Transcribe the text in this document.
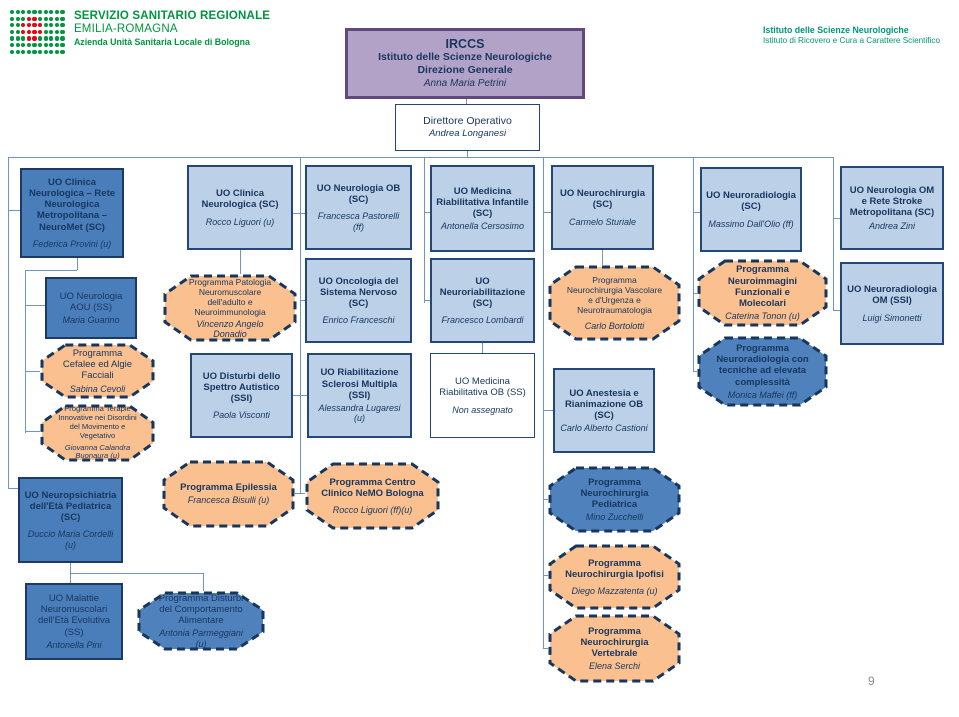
SERVIZIO SANITARIO REGIONALE
EMILIA-ROMAGNA
Azienda Unità Sanitaria Locale di Bologna
Istituto delle Scienze Neurologiche
Istituto di Ricovero e Cura a Carattere Scientifico
IRCCS
Istituto delle Scienze Neurologiche
Direzione Generale
Anna Maria Petrini
Direttore Operativo
Andrea Longanesi
UO Clinica Neurologica – Rete Neurologica Metropolitana – NeuroMet (SC)
Federica Provini (u)
UO Neurologia AOU (SS)
Maria Guarino
Programma Cefalee ed Algie Facciali
Sabina Cevoli
Programma Terapie Innovative nei Disordini del Movimento e Vegetativo
Giovanna Calandra Buonaura (u)
UO Neuropsichiatria dell'Età Pediatrica (SC)
Duccio Maria Cordelli (u)
UO Malattie Neuromuscolari dell'Età Evolutiva (SS)
Antonella Pini
Programma Disturbi del Comportamento Alimentare
Antonia Parmeggiani (u)
UO Clinica Neurologica (SC)
Rocco Liguori (u)
Programma Patologia Neuromuscolare dell'adulto e Neuroimmunologia
Vincenzo Angelo Donadio
UO Disturbi dello Spettro Autistico (SSI)
Paola Visconti
Programma Epilessia
Francesca Bisulli (u)
UO Neurologia OB (SC)
Francesca Pastorelli (ff)
UO Oncologia del Sistema Nervoso (SC)
Enrico Franceschi
UO Riabilitazione Sclerosi Multipla (SSI)
Alessandra Lugaresi (u)
Programma Centro Clinico NeMO Bologna
Rocco Liguori (ff)(u)
UO Medicina Riabilitativa Infantile (SC)
Antonella Cersosimo
UO Neuroriabilitazione (SC)
Francesco Lombardi
UO Medicina Riabilitativa OB (SS)
Non assegnato
UO Neurochirurgia (SC)
Carmelo Sturiale
Programma Neurochirurgia Vascolare e d'Urgenza e Neurotraumatologia
Carlo Bortolotti
UO Anestesia e Rianimazione OB (SC)
Carlo Alberto Castioni
Programma Neurochirurgia Pediatrica
Mino Zucchelli
Programma Neurochirurgia Ipofisi
Diego Mazzatenta (u)
Programma Neurochirurgia Vertebrale
Elena Serchi
UO Neuroradiologia (SC)
Massimo Dall'Olio (ff)
Programma Neuroimmagini Funzionali e Molecolari
Caterina Tonon (u)
Programma Neuroradiologia con tecniche ad elevata complessità
Monica Maffei (ff)
UO Neurologia OM e Rete Stroke Metropolitana (SC)
Andrea Zini
UO Neuroradiologia OM (SSI)
Luigi Simonetti
9
